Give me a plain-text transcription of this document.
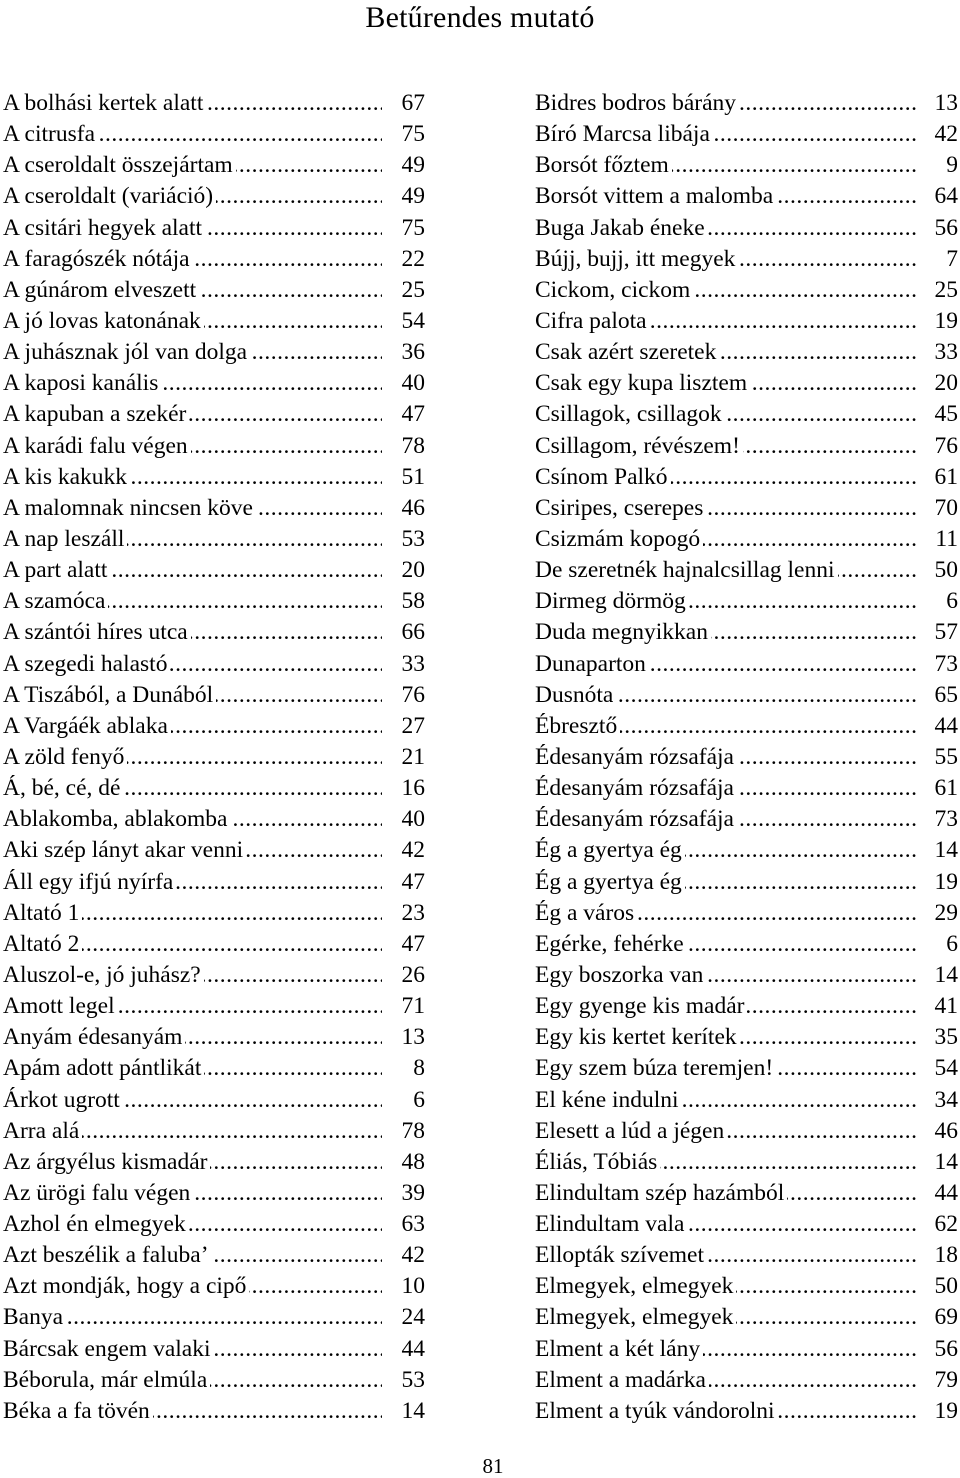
Betűrendes mutató
.....
A bolhási kertek alatt	67
.....
A citrusfa	75
.....
A cseroldalt összejártam	49
.....
A cseroldalt (variáció)	49
.....
A csitári hegyek alatt	75
.....
A faragószék nótája	22
.....
A gúnárom elveszett	25
.....
A jó lovas katonának	54
.....
A juhásznak jól van dolga	36
.....
A kaposi kanális	40
.....
A kapuban a szekér	47
.....
A karádi falu végen	78
.....
A kis kakukk	51
.....
A malomnak nincsen köve	46
.....
A nap leszáll	53
.....
A part alatt	20
.....
A szamóca	58
.....
A szántói híres utca	66
.....
A szegedi halastó	33
.....
A Tiszából, a Dunából	76
.....
A Vargáék ablaka	27
.....
A zöld fenyő	21
.....
Á, bé, cé, dé	16
.....
Ablakomba, ablakomba	40
.....
Aki szép lányt akar venni	42
.....
Áll egy ifjú nyírfa	47
.....
Altató 1	23
.....
Altató 2	47
.....
Aluszol-e, jó juhász?	26
.....
Amott legel	71
.....
Anyám édesanyám	13
.....
Apám adott pántlikát	8
.....
Árkot ugrott	6
.....
Arra alá	78
.....
Az árgyélus kismadár	48
.....
Az ürögi falu végen	39
.....
Azhol én elmegyek	63
.....
Azt beszélik a faluba’	42
.....
Azt mondják, hogy a cipő	10
.....
Banya	24
.....
Bárcsak engem valaki	44
.....
Béborula, már elmúla	53
.....
Béka a fa tövén	14
.....
Bidres bodros bárány	13
.....
Bíró Marcsa libája	42
.....
Borsót főztem	9
.....
Borsót vittem a malomba	64
.....
Buga Jakab éneke	56
.....
Bújj, bujj, itt megyek	7
.....
Cickom, cickom	25
.....
Cifra palota	19
.....
Csak azért szeretek	33
.....
Csak egy kupa lisztem	20
.....
Csillagok, csillagok	45
.....
Csillagom, révészem!	76
.....
Csínom Palkó	61
.....
Csiripes, cserepes	70
.....
Csizmám kopogó	11
.....
De szeretnék hajnalcsillag lenni	50
.....
Dirmeg dörmög	6
.....
Duda megnyikkan	57
.....
Dunaparton	73
.....
Dusnóta	65
.....
Ébresztő	44
.....
Édesanyám rózsafája	55
.....
Édesanyám rózsafája	61
.....
Édesanyám rózsafája	73
.....
Ég a gyertya ég	14
.....
Ég a gyertya ég	19
.....
Ég a város	29
.....
Egérke, fehérke	6
.....
Egy boszorka van	14
.....
Egy gyenge kis madár	41
.....
Egy kis kertet kerítek	35
.....
Egy szem búza teremjen!	54
.....
El kéne indulni	34
.....
Elesett a lúd a jégen	46
.....
Éliás, Tóbiás	14
.....
Elindultam szép hazámból	44
.....
Elindultam vala	62
.....
Ellopták szívemet	18
.....
Elmegyek, elmegyek	50
.....
Elmegyek, elmegyek	69
.....
Elment a két lány	56
.....
Elment a madárka	79
.....
Elment a tyúk vándorolni	19
81
